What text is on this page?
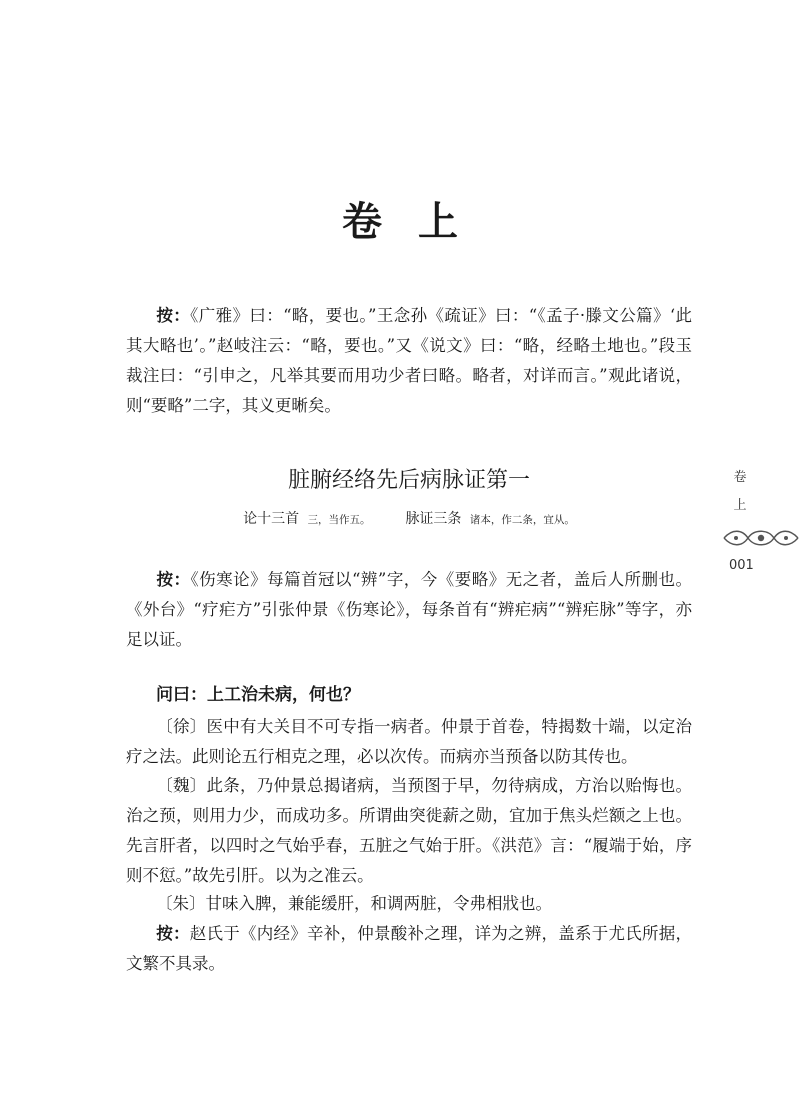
卷上
按：《广雅》曰：“略，要也。”王念孙《疏证》曰：“《孟子·滕文公篇》‘此其大略也’。”赵岐注云：“略，要也。”又《说文》曰：“略，经略土地也。”段玉裁注曰：“引申之，凡举其要而用功少者曰略。略者，对详而言。”观此诸说，则“要略”二字，其义更晰矣。
脏腑经络先后病脉证第一
论十三首 三，当作五。 脉证三条 诸本，作二条，宜从。
按：《伤寒论》每篇首冠以“辨”字，今《要略》无之者，盖后人所删也。《外台》“疗疟方”引张仲景《伤寒论》，每条首有“辨疟病”“辨疟脉”等字，亦足以证。
问曰：上工治未病，何也？
〔徐〕医中有大关目不可专指一病者。仲景于首卷，特揭数十端，以定治疗之法。此则论五行相克之理，必以次传。而病亦当预备以防其传也。
〔魏〕此条，乃仲景总揭诸病，当预图于早，勿待病成，方治以贻悔也。治之预，则用力少，而成功多。所谓曲突徙薪之勋，宜加于焦头烂额之上也。先言肝者，以四时之气始乎春，五脏之气始于肝。《洪范》言：“履端于始，序则不愆。”故先引肝。以为之准云。
〔朱〕甘味入脾，兼能缓肝，和调两脏，令弗相戕也。
按：赵氏于《内经》辛补，仲景酸补之理，详为之辨，盖系于尤氏所据，文繁不具录。
卷
上
001
